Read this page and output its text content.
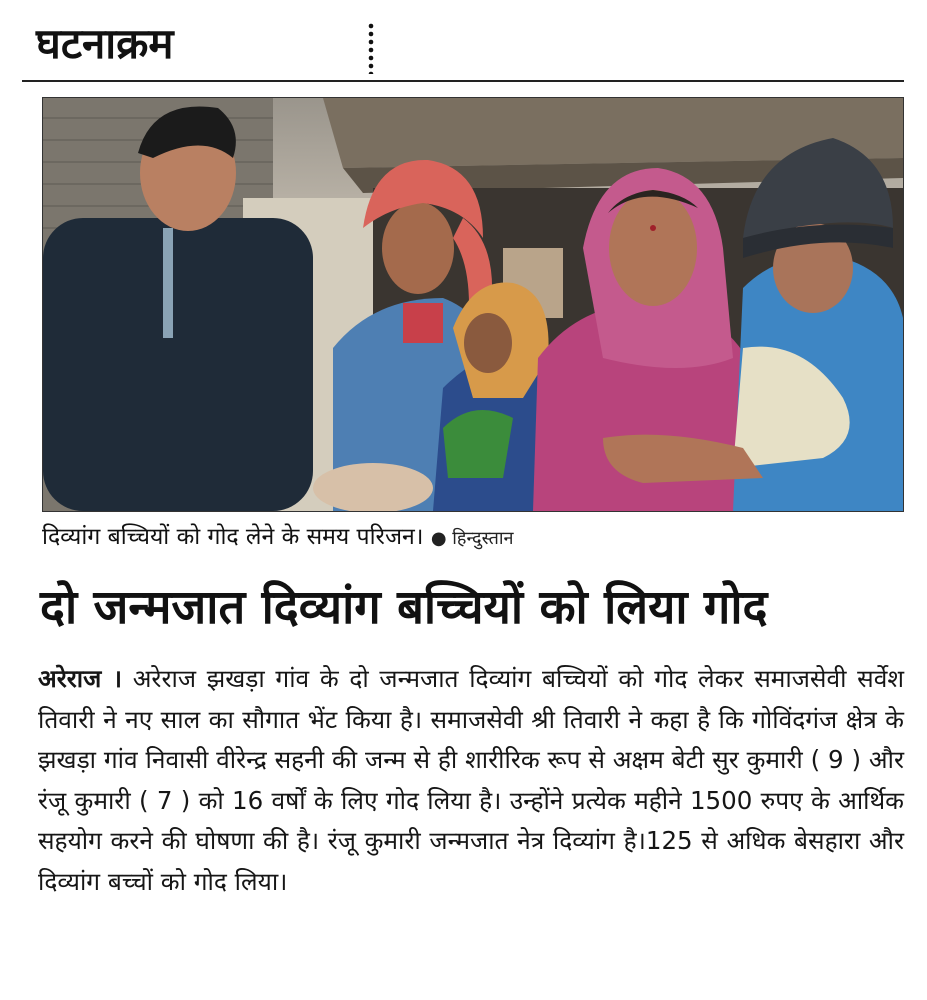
घटनाक्रम
दिव्यांग बच्चियों को गोद लेने के समय परिजन। ● हिन्दुस्तान
दो जन्मजात दिव्यांग बच्चियों को लिया गोद

अरेराज । अरेराज झखड़ा गांव के दो जन्मजात दिव्यांग बच्चियों को गोद लेकर समाजसेवी सर्वेश तिवारी ने नए साल का सौगात भेंट किया है। समाजसेवी श्री तिवारी ने कहा है कि गोविंदगंज क्षेत्र के झखड़ा गांव निवासी वीरेन्द्र सहनी की जन्म से ही शारीरिक रूप से अक्षम बेटी सुर कुमारी ( 9 ) और रंजू कुमारी ( 7 ) को 16 वर्षों के लिए गोद लिया है। उन्होंने प्रत्येक महीने 1500 रुपए के आर्थिक सहयोग करने की घोषणा की है। रंजू कुमारी जन्मजात नेत्र दिव्यांग है।125 से अधिक बेसहारा और दिव्यांग बच्चों को गोद लिया।
